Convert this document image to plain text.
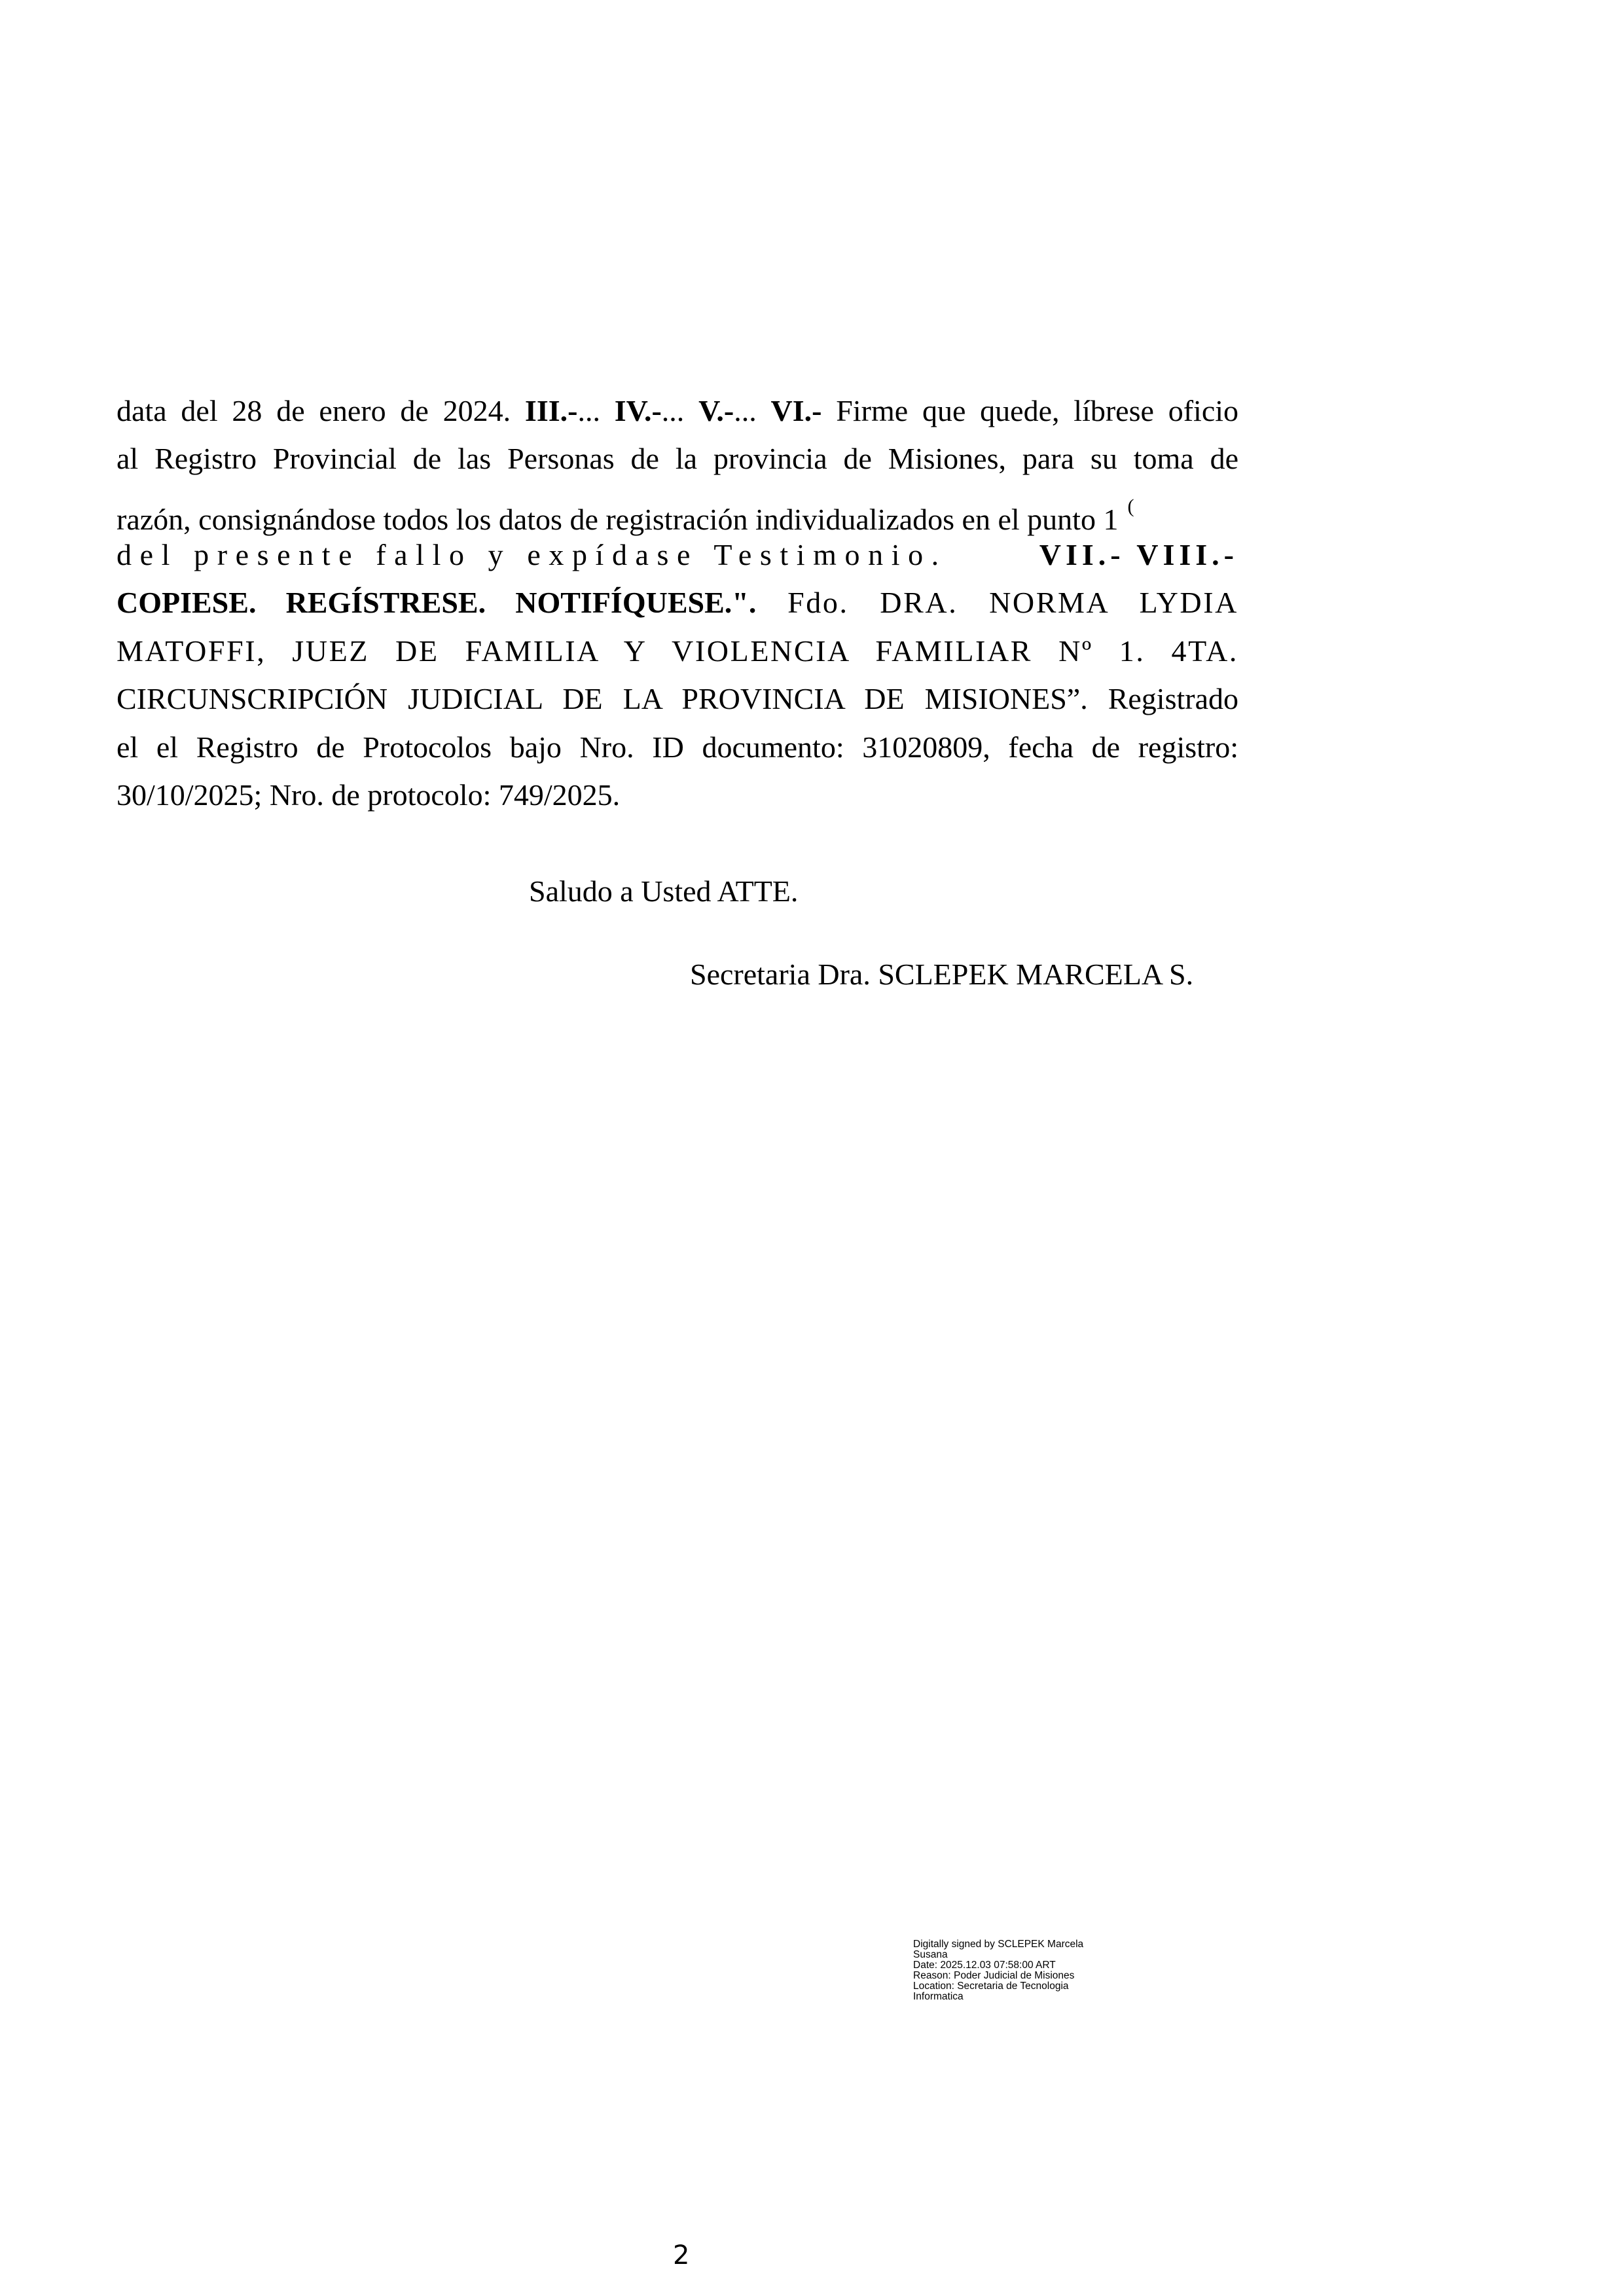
data del 28 de enero de 2024. III.-... IV.-... V.-... VI.- Firme que quede, líbrese oficio
al Registro Provincial de las Personas de la provincia de Misiones, para su toma de
razón, consignándose todos los datos de registración individualizados en el punto 1 (
del presente fallo y expídase Testimonio.	VII.- VIII.-
COPIESE. REGÍSTRESE. NOTIFÍQUESE.". Fdo. DRA. NORMA LYDIA
MATOFFI, JUEZ DE FAMILIA Y VIOLENCIA FAMILIAR Nº 1. 4TA.
CIRCUNSCRIPCIÓN JUDICIAL DE LA PROVINCIA DE MISIONES”. Registrado
el el Registro de Protocolos bajo Nro. ID documento: 31020809, fecha de registro:
30/10/2025; Nro. de protocolo: 749/2025.
Saludo a Usted ATTE.
Secretaria Dra. SCLEPEK MARCELA S.
Digitally signed by SCLEPEK Marcela
Susana
Date: 2025.12.03 07:58:00 ART
Reason: Poder Judicial de Misiones
Location: Secretaria de Tecnologia
Informatica
2
